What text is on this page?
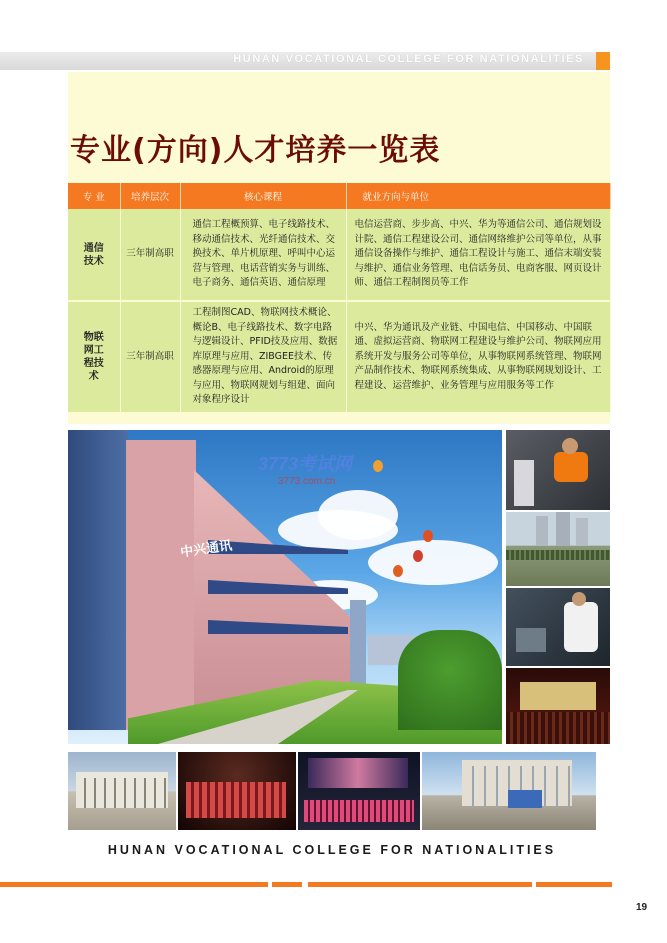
HUNAN VOCATIONAL COLLEGE FOR NATIONALITIES
专业(方向)人才培养一览表
专 业	培养层次	核心课程	就业方向与单位
通信技术	三年制高职	通信工程概预算、电子线路技术、移动通信技术、光纤通信技术、交换技术、单片机原理、呼叫中心运营与管理、电话营销实务与训练、电子商务、通信英语、通信原理	电信运营商、步步高、中兴、华为等通信公司、通信规划设计院、通信工程建设公司、通信网络维护公司等单位，从事通信设备操作与维护、通信工程设计与施工、通信末端安装与维护、通信业务管理、电信话务员、电商客服、网页设计师、通信工程制图员等工作
物联网工程技术	三年制高职	工程制图CAD、物联网技术概论、概论B、电子线路技术、数字电路与逻辑设计、PFID技及应用、数据库原理与应用、ZIBGEE技术、传感器原理与应用、Android的原理与应用、物联网规划与组建、面向对象程序设计	中兴、华为通讯及产业链、中国电信、中国移动、中国联通、虚拟运营商、物联网工程建设与维护公司、物联网应用系统开发与服务公司等单位，从事物联网系统管理、物联网产品制作技术、物联网系统集成、从事物联网规划设计、工程建设、运营维护、业务管理与应用服务等工作
中兴通讯
3773考试网
3773.com.cn
HUNAN VOCATIONAL COLLEGE FOR NATIONALITIES
19
